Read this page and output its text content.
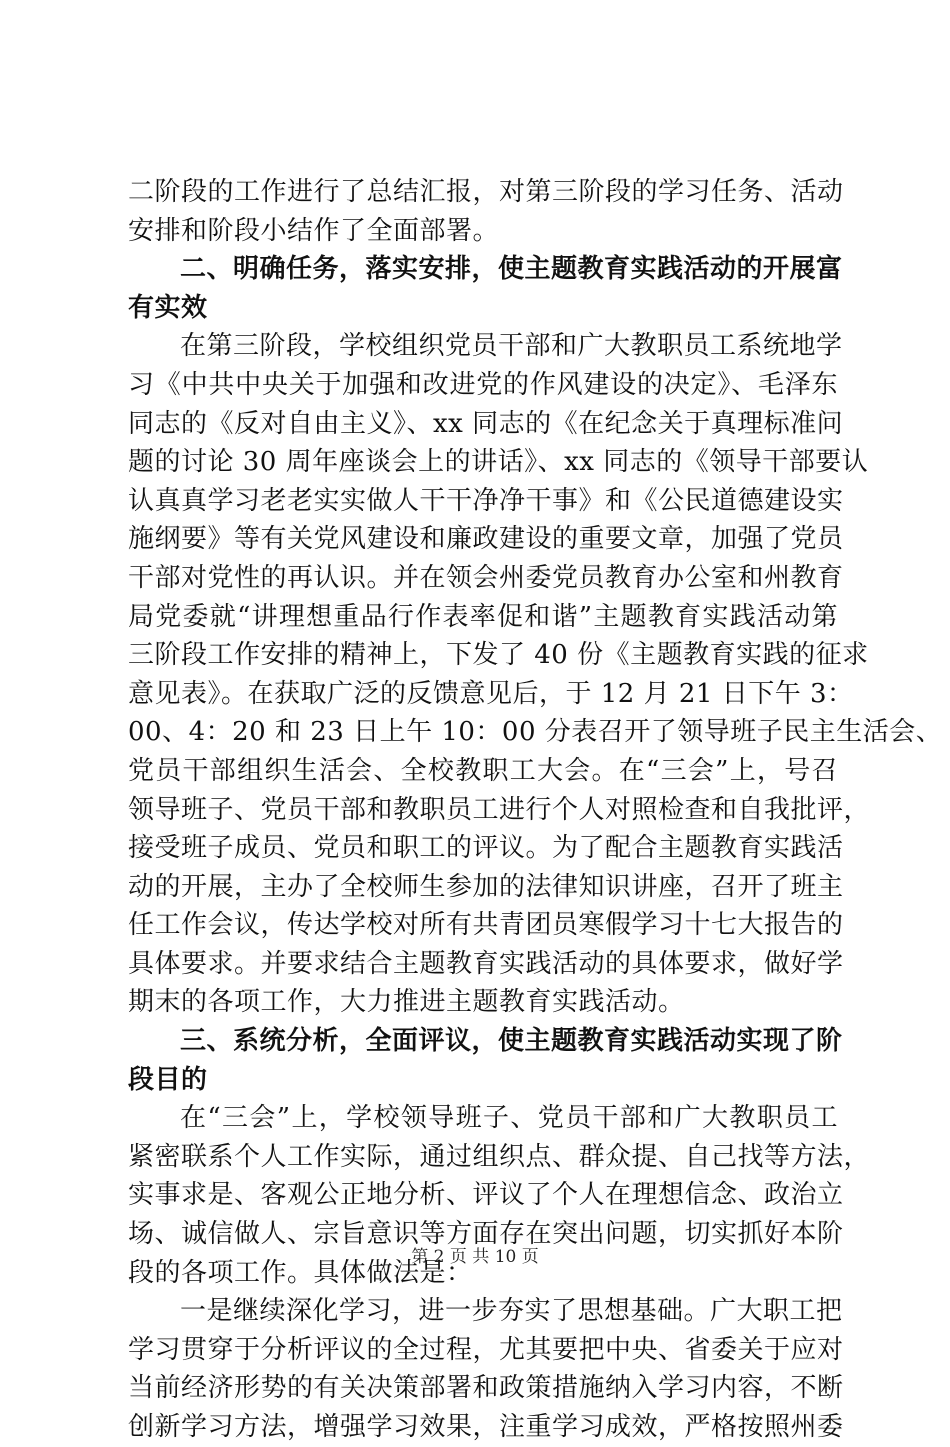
二阶段的工作进行了总结汇报，对第三阶段的学习任务、活动
安排和阶段小结作了全面部署。
二、明确任务，落实安排，使主题教育实践活动的开展富
有实效
在第三阶段，学校组织党员干部和广大教职员工系统地学
习《中共中央关于加强和改进党的作风建设的决定》、毛泽东
同志的《反对自由主义》、xx 同志的《在纪念关于真理标准问
题的讨论 30 周年座谈会上的讲话》、xx 同志的《领导干部要认
认真真学习老老实实做人干干净净干事》和《公民道德建设实
施纲要》等有关党风建设和廉政建设的重要文章，加强了党员
干部对党性的再认识。并在领会州委党员教育办公室和州教育
局党委就“讲理想重品行作表率促和谐”主题教育实践活动第
三阶段工作安排的精神上，下发了 40 份《主题教育实践的征求
意见表》。在获取广泛的反馈意见后，于 12 月 21 日下午 3：
00、4：20 和 23 日上午 10：00 分表召开了领导班子民主生活会、
党员干部组织生活会、全校教职工大会。在“三会”上，号召
领导班子、党员干部和教职员工进行个人对照检查和自我批评，
接受班子成员、党员和职工的评议。为了配合主题教育实践活
动的开展，主办了全校师生参加的法律知识讲座，召开了班主
任工作会议，传达学校对所有共青团员寒假学习十七大报告的
具体要求。并要求结合主题教育实践活动的具体要求，做好学
期末的各项工作，大力推进主题教育实践活动。
三、系统分析，全面评议，使主题教育实践活动实现了阶
段目的
在“三会”上，学校领导班子、党员干部和广大教职员工
紧密联系个人工作实际，通过组织点、群众提、自己找等方法，
实事求是、客观公正地分析、评议了个人在理想信念、政治立
场、诚信做人、宗旨意识等方面存在突出问题，切实抓好本阶
段的各项工作。具体做法是：
一是继续深化学习，进一步夯实了思想基础。广大职工把
学习贯穿于分析评议的全过程，尤其要把中央、省委关于应对
当前经济形势的有关决策部署和政策措施纳入学习内容，不断
创新学习方法，增强学习效果，注重学习成效，严格按照州委
第 2 页 共 10 页
